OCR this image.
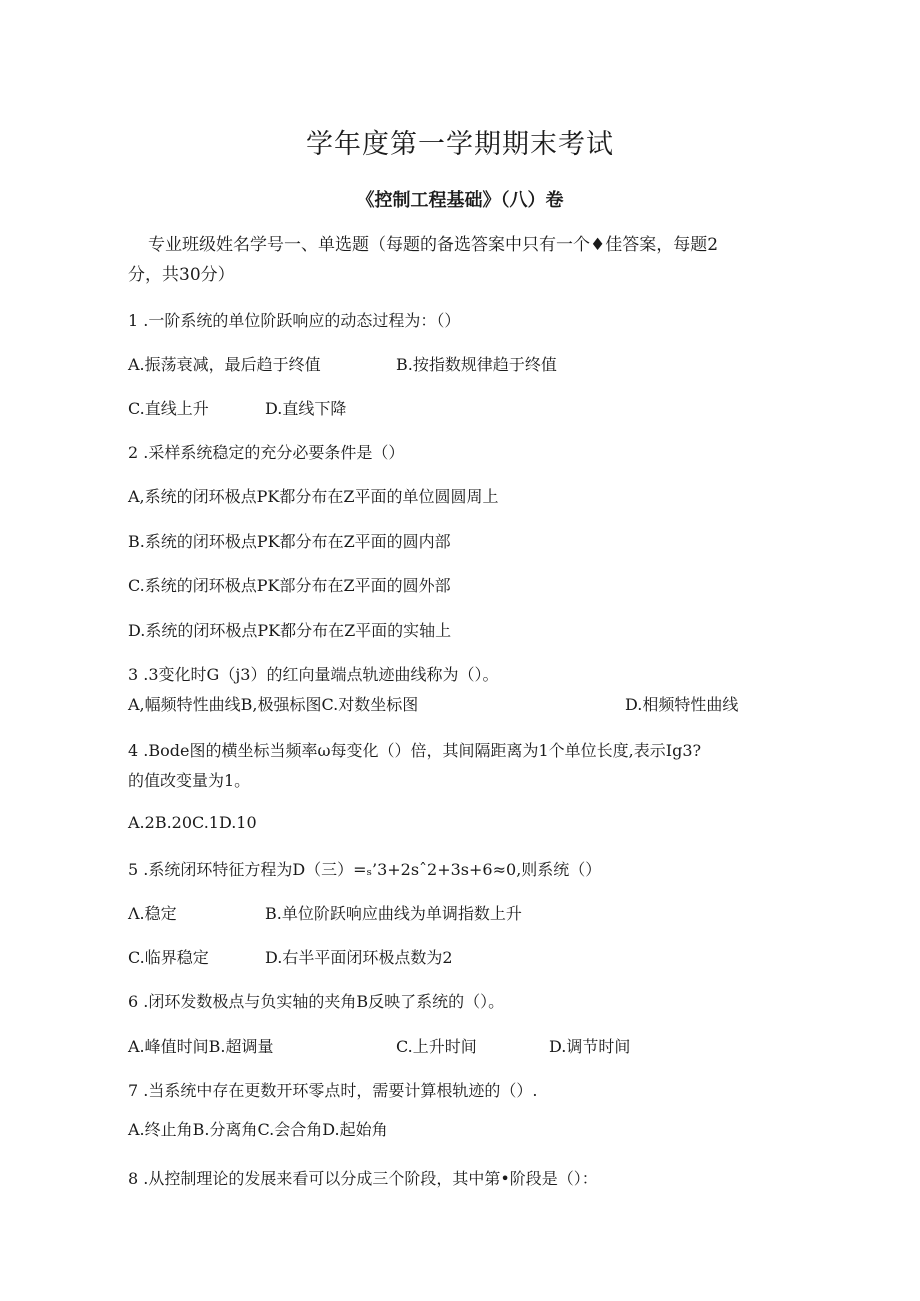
学年度第一学期期末考试
《控制工程基础》（八）卷
专业班级姓名学号一、单选题（每题的备选答案中只有一个♦佳答案，每题2
分，共30分）
1 .一阶系统的单位阶跃响应的动态过程为：（）
A.振荡衰减，最后趋于终值	B.按指数规律趋于终值
C.直线上升	D.直线下降
2 .采样系统稳定的充分必要条件是（）
A,系统的闭环极点PK都分布在Z平面的单位圆圆周上
B.系统的闭环极点PK都分布在Z平面的圆内部
C.系统的闭环极点PK部分布在Z平面的圆外部
D.系统的闭环极点PK都分布在Z平面的实轴上
3 .3变化时G（j3）的红向量端点轨迹曲线称为（）。
A,幅频特性曲线B,极强标图C.对数坐标图	D.相频特性曲线
4 .Bode图的横坐标当频率ω每变化（）倍，其间隔距离为1个单位长度,表示Ig3?
的值改变量为1。
A.2B.20C.1D.10
5 .系统闭环特征方程为D（三）=ₛ’3+2sˆ2+3s+6≈0,则系统（）
Λ.稳定	B.单位阶跃响应曲线为单调指数上升
C.临界稳定	D.右半平面闭环极点数为2
6 .闭环发数极点与负实轴的夹角B反映了系统的（）。
A.峰值时间B.超调量	C.上升时间	D.调节时间
7 .当系统中存在更数开环零点时，需要计算根轨迹的（）.
A.终止角B.分离角C.会合角D.起始角
8 .从控制理论的发展来看可以分成三个阶段，其中第•阶段是（）：
